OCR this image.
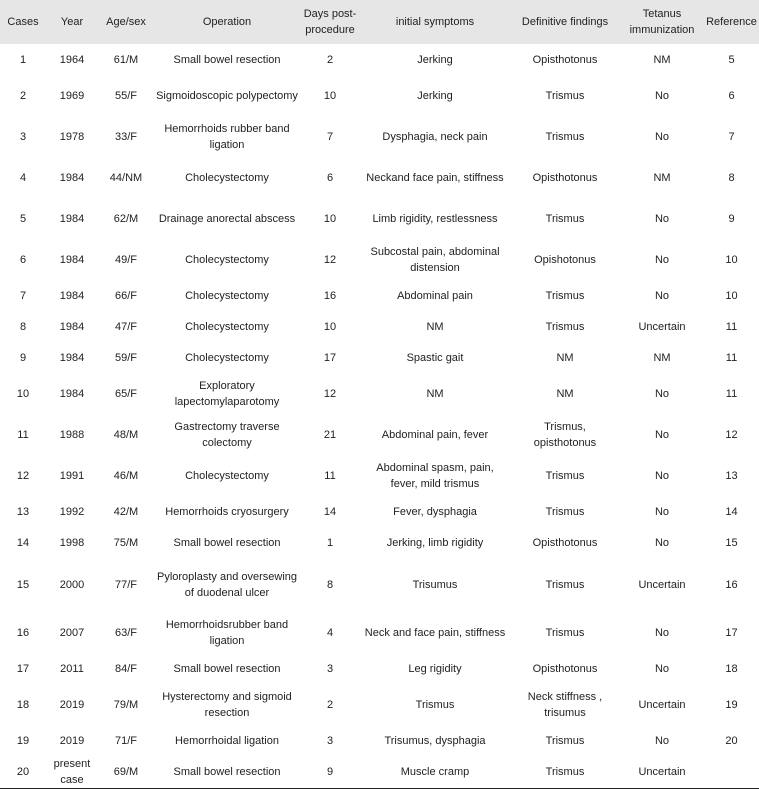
Cases	Year	Age/sex	Operation	Days post-procedure	initial symptoms	Definitive findings	Tetanus immunization	Reference
1	1964	61/M	Small bowel resection	2	Jerking	Opisthotonus	NM	5
2	1969	55/F	Sigmoidoscopic polypectomy	10	Jerking	Trismus	No	6
3	1978	33/F	Hemorrhoids rubber band ligation	7	Dysphagia, neck pain	Trismus	No	7
4	1984	44/NM	Cholecystectomy	6	Neckand face pain, stiffness	Opisthotonus	NM	8
5	1984	62/M	Drainage anorectal abscess	10	Limb rigidity, restlessness	Trismus	No	9
6	1984	49/F	Cholecystectomy	12	Subcostal pain, abdominal distension	Opishotonus	No	10
7	1984	66/F	Cholecystectomy	16	Abdominal pain	Trismus	No	10
8	1984	47/F	Cholecystectomy	10	NM	Trismus	Uncertain	11
9	1984	59/F	Cholecystectomy	17	Spastic gait	NM	NM	11
10	1984	65/F	Exploratory lapectomylaparotomy	12	NM	NM	No	11
11	1988	48/M	Gastrectomy traverse colectomy	21	Abdominal pain, fever	Trismus, opisthotonus	No	12
12	1991	46/M	Cholecystectomy	11	Abdominal spasm, pain, fever, mild trismus	Trismus	No	13
13	1992	42/M	Hemorrhoids cryosurgery	14	Fever, dysphagia	Trismus	No	14
14	1998	75/M	Small bowel resection	1	Jerking, limb rigidity	Opisthotonus	No	15
15	2000	77/F	Pyloroplasty and oversewing of duodenal ulcer	8	Trisumus	Trismus	Uncertain	16
16	2007	63/F	Hemorrhoidsrubber band ligation	4	Neck and face pain, stiffness	Trismus	No	17
17	2011	84/F	Small bowel resection	3	Leg rigidity	Opisthotonus	No	18
18	2019	79/M	Hysterectomy and sigmoid resection	2	Trismus	Neck stiffness , trisumus	Uncertain	19
19	2019	71/F	Hemorrhoidal ligation	3	Trisumus, dysphagia	Trismus	No	20
20	present case	69/M	Small bowel resection	9	Muscle cramp	Trismus	Uncertain	
